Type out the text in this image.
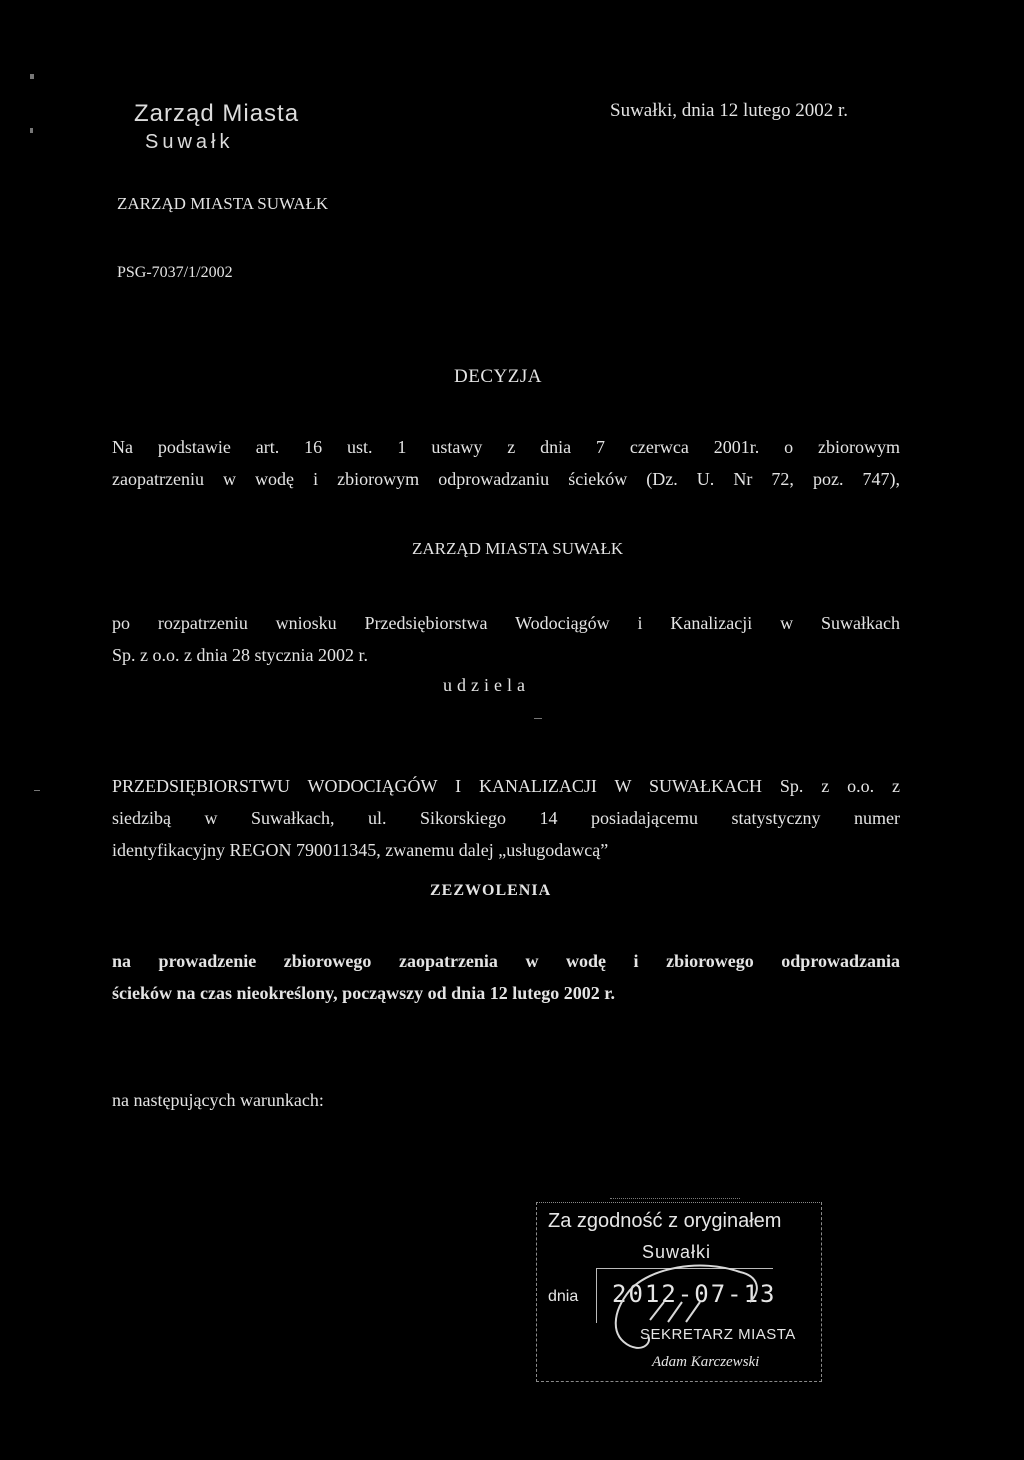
Zarząd Miasta
Suwałk
Suwałki, dnia 12 lutego 2002 r.
ZARZĄD MIASTA SUWAŁK
PSG-7037/1/2002
DECYZJA
Na podstawie art. 16 ust. 1 ustawy z dnia 7 czerwca 2001r. o zbiorowym
zaopatrzeniu w wodę i zbiorowym odprowadzaniu ścieków (Dz. U. Nr 72, poz. 747),
ZARZĄD MIASTA SUWAŁK
po rozpatrzeniu wniosku Przedsiębiorstwa Wodociągów i Kanalizacji w Suwałkach
Sp. z o.o. z dnia 28 stycznia 2002 r.
udziela
PRZEDSIĘBIORSTWU WODOCIĄGÓW I KANALIZACJI W SUWAŁKACH Sp. z o.o. z
siedzibą w Suwałkach, ul. Sikorskiego 14 posiadającemu statystyczny numer
identyfikacyjny REGON 790011345, zwanemu dalej „usługodawcą”
ZEZWOLENIA
na prowadzenie zbiorowego zaopatrzenia w wodę i zbiorowego odprowadzania
ścieków na czas nieokreślony, począwszy od dnia 12 lutego 2002 r.
na następujących warunkach:
Za zgodność z oryginałem
Suwałki
dnia 2012-07-13
SEKRETARZ MIASTA
Adam Karczewski
